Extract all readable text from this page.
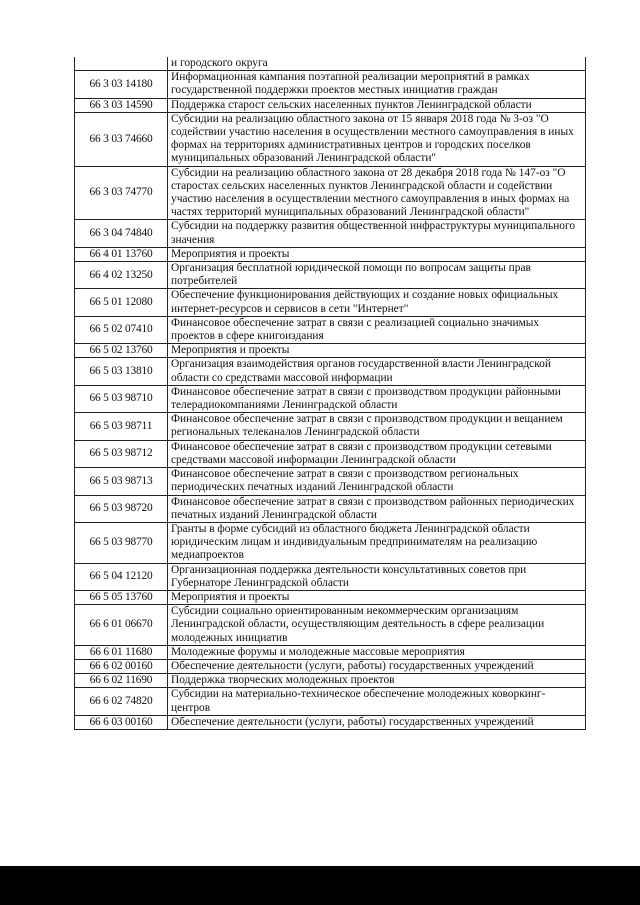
	и городского округа
66 3 03 14180	Информационная кампания поэтапной реализации мероприятий в рамках государственной поддержки проектов местных инициатив граждан
66 3 03 14590	Поддержка старост сельских населенных пунктов Ленинградской области
66 3 03 74660	Субсидии на реализацию областного закона от 15 января 2018 года № 3-оз "О содействии участию населения в осуществлении местного самоуправления в иных формах на территориях административных центров и городских поселков муниципальных образований Ленинградской области"
66 3 03 74770	Субсидии на реализацию областного закона от 28 декабря 2018 года № 147-оз "О старостах сельских населенных пунктов Ленинградской области и содействии участию населения в осуществлении местного самоуправления в иных формах на частях территорий муниципальных образований Ленинградской области"
66 3 04 74840	Субсидии на поддержку развития общественной инфраструктуры муниципального значения
66 4 01 13760	Мероприятия и проекты
66 4 02 13250	Организация бесплатной юридической помощи по вопросам защиты прав потребителей
66 5 01 12080	Обеспечение функционирования действующих и создание новых официальных интернет-ресурсов и сервисов в сети "Интернет"
66 5 02 07410	Финансовое обеспечение затрат в связи с реализацией социально значимых проектов в сфере книгоиздания
66 5 02 13760	Мероприятия и проекты
66 5 03 13810	Организация взаимодействия органов государственной власти Ленинградской области со средствами массовой информации
66 5 03 98710	Финансовое обеспечение затрат в связи с производством продукции районными телерадиокомпаниями Ленинградской области
66 5 03 98711	Финансовое обеспечение затрат в связи с производством продукции и вещанием региональных телеканалов Ленинградской области
66 5 03 98712	Финансовое обеспечение затрат в связи с производством продукции сетевыми средствами массовой информации Ленинградской области
66 5 03 98713	Финансовое обеспечение затрат в связи с производством региональных периодических печатных изданий Ленинградской области
66 5 03 98720	Финансовое обеспечение затрат в связи с производством районных периодических печатных изданий Ленинградской области
66 5 03 98770	Гранты в форме субсидий из областного бюджета Ленинградской области юридическим лицам и индивидуальным предпринимателям на реализацию медиапроектов
66 5 04 12120	Организационная поддержка деятельности консультативных советов при Губернаторе Ленинградской области
66 5 05 13760	Мероприятия и проекты
66 6 01 06670	Субсидии социально ориентированным некоммерческим организациям Ленинградской области, осуществляющим деятельность в сфере реализации молодежных инициатив
66 6 01 11680	Молодежные форумы и молодежные массовые мероприятия
66 6 02 00160	Обеспечение деятельности (услуги, работы) государственных учреждений
66 6 02 11690	Поддержка творческих молодежных проектов
66 6 02 74820	Субсидии на материально-техническое обеспечение молодежных коворкинг-центров
66 6 03 00160	Обеспечение деятельности (услуги, работы) государственных учреждений
